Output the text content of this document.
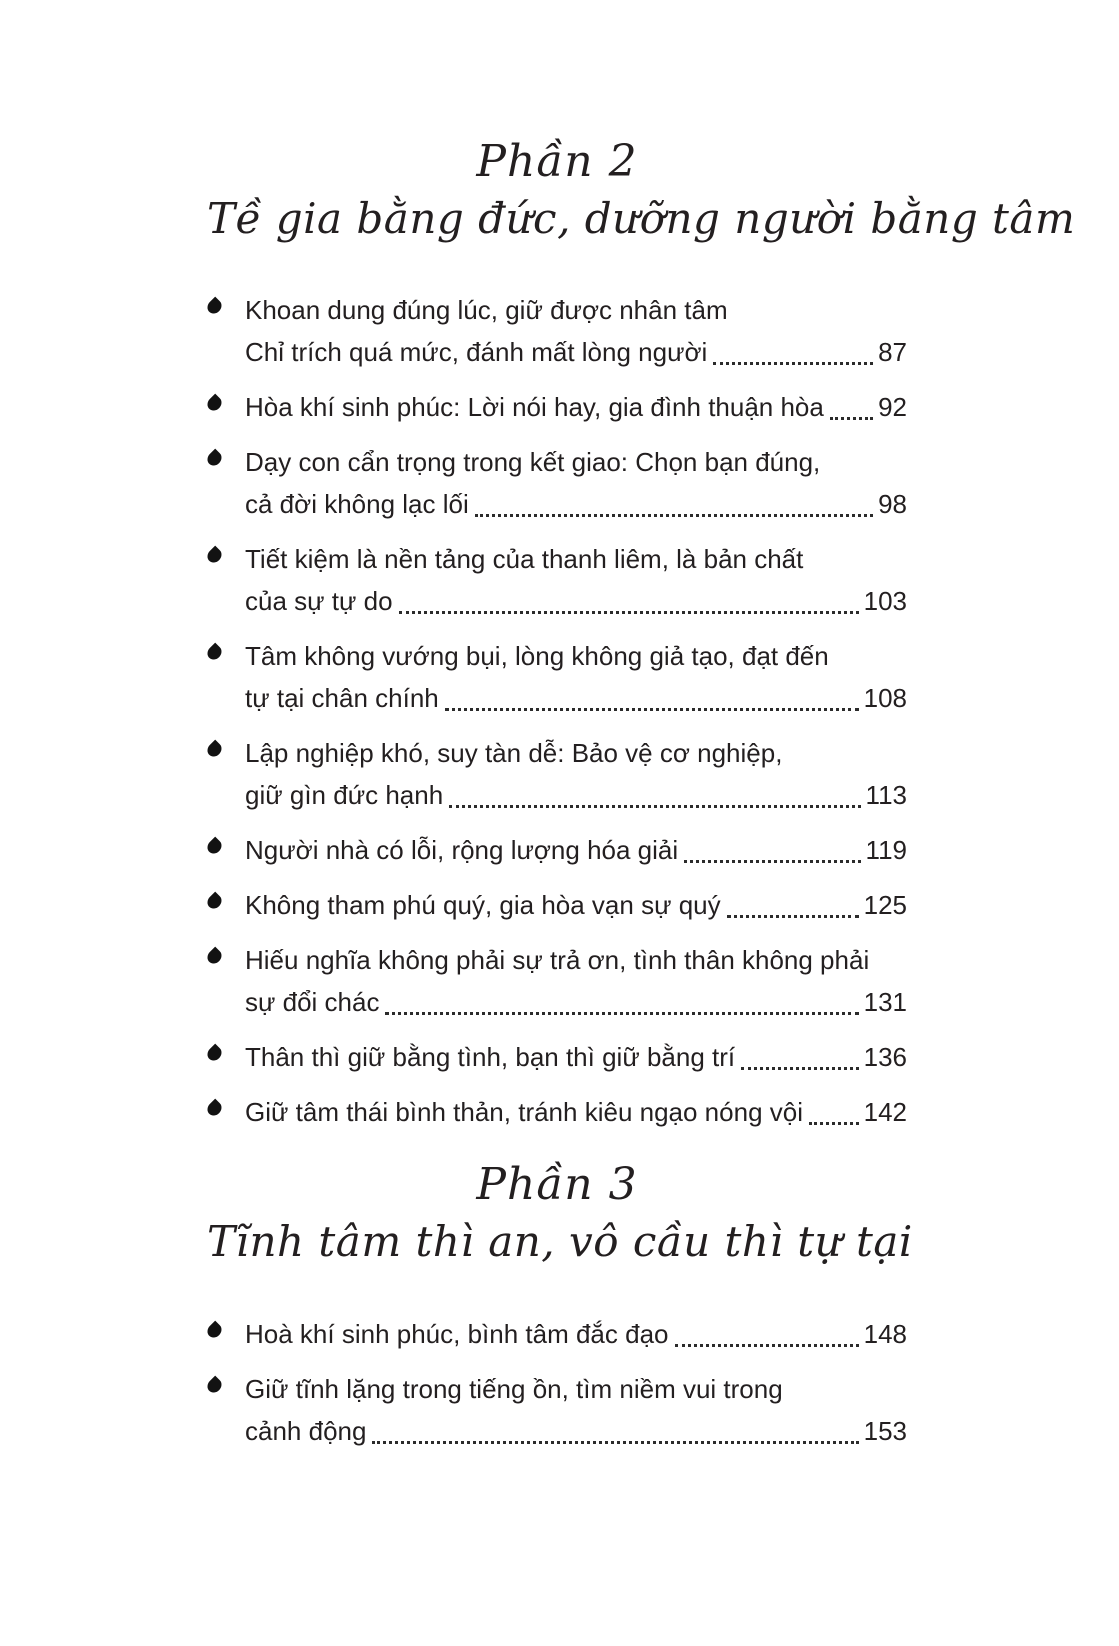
Phần 2
Tề gia bằng đức, dưỡng người bằng tâm
Khoan dung đúng lúc, giữ được nhân tâm
Chỉ trích quá mức, đánh mất lòng người	87
Hòa khí sinh phúc: Lời nói hay, gia đình thuận hòa 92
Dạy con cẩn trọng trong kết giao: Chọn bạn đúng,
cả đời không lạc lối	98
Tiết kiệm là nền tảng của thanh liêm, là bản chất
của sự tự do	103
Tâm không vướng bụi, lòng không giả tạo, đạt đến
tự tại chân chính	108
Lập nghiệp khó, suy tàn dễ: Bảo vệ cơ nghiệp,
giữ gìn đức hạnh	113
Người nhà có lỗi, rộng lượng hóa giải	119
Không tham phú quý, gia hòa vạn sự quý	125
Hiếu nghĩa không phải sự trả ơn, tình thân không phải
sự đổi chác	131
Thân thì giữ bằng tình, bạn thì giữ bằng trí	136
Giữ tâm thái bình thản, tránh kiêu ngạo nóng vội 142
Phần 3
Tĩnh tâm thì an, vô cầu thì tự tại
Hoà khí sinh phúc, bình tâm đắc đạo	148
Giữ tĩnh lặng trong tiếng ồn, tìm niềm vui trong
cảnh động	153
